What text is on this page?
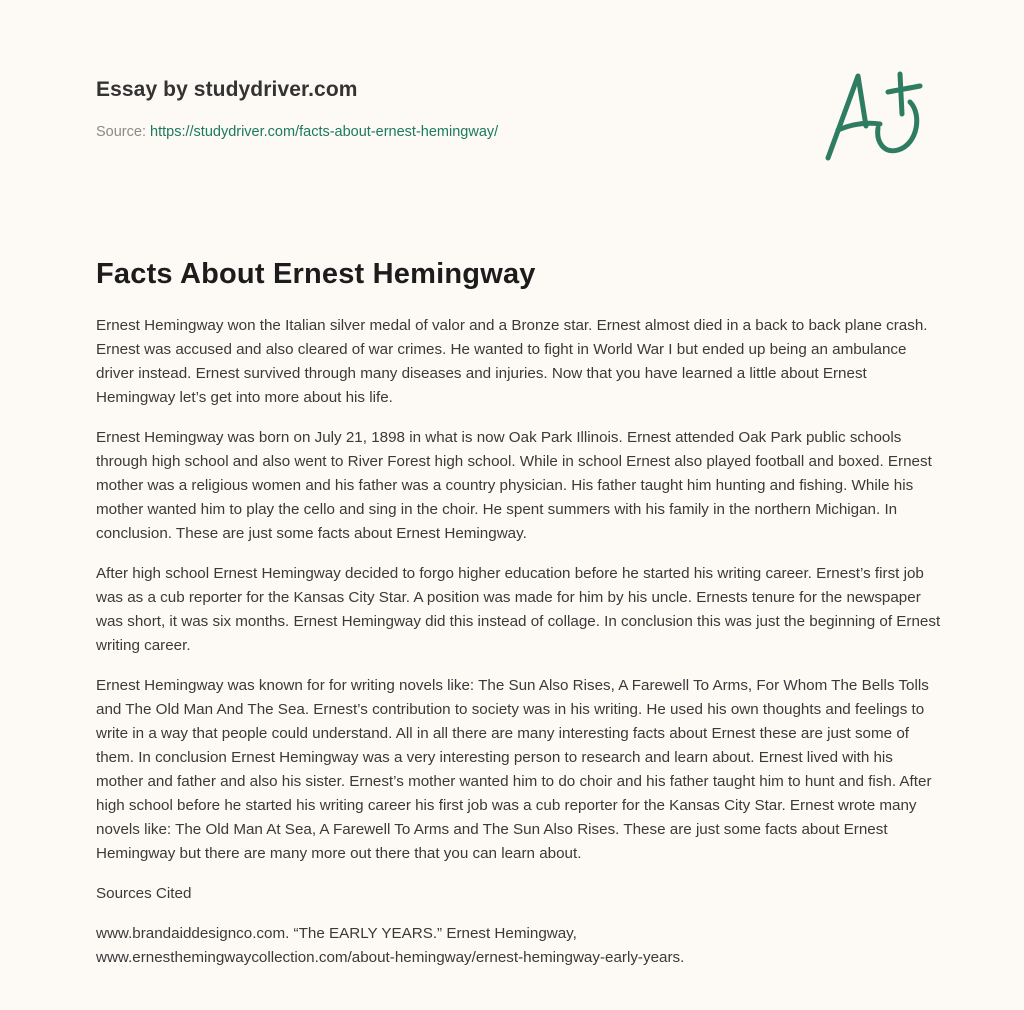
Essay by studydriver.com
Source: https://studydriver.com/facts-about-ernest-hemingway/
Facts About Ernest Hemingway

Ernest Hemingway won the Italian silver medal of valor and a Bronze star. Ernest almost died in a back to back plane crash. Ernest was accused and also cleared of war crimes. He wanted to fight in World War I but ended up being an ambulance driver instead. Ernest survived through many diseases and injuries. Now that you have learned a little about Ernest Hemingway let’s get into more about his life.

Ernest Hemingway was born on July 21, 1898 in what is now Oak Park Illinois. Ernest attended Oak Park public schools through high school and also went to River Forest high school. While in school Ernest also played football and boxed. Ernest mother was a religious women and his father was a country physician. His father taught him hunting and fishing. While his mother wanted him to play the cello and sing in the choir. He spent summers with his family in the northern Michigan. In conclusion. These are just some facts about Ernest Hemingway.

After high school Ernest Hemingway decided to forgo higher education before he started his writing career. Ernest’s first job was as a cub reporter for the Kansas City Star. A position was made for him by his uncle. Ernests tenure for the newspaper was short, it was six months. Ernest Hemingway did this instead of collage. In conclusion this was just the beginning of Ernest writing career.

Ernest Hemingway was known for for writing novels like: The Sun Also Rises, A Farewell To Arms, For Whom The Bells Tolls and The Old Man And The Sea. Ernest’s contribution to society was in his writing. He used his own thoughts and feelings to write in a way that people could understand. All in all there are many interesting facts about Ernest these are just some of them. In conclusion Ernest Hemingway was a very interesting person to research and learn about. Ernest lived with his mother and father and also his sister. Ernest’s mother wanted him to do choir and his father taught him to hunt and fish. After high school before he started his writing career his first job was a cub reporter for the Kansas City Star. Ernest wrote many novels like: The Old Man At Sea, A Farewell To Arms and The Sun Also Rises. These are just some facts about Ernest Hemingway but there are many more out there that you can learn about.

Sources Cited

www.brandaiddesignco.com. “The EARLY YEARS.” Ernest Hemingway,
www.ernesthemingwaycollection.com/about-hemingway/ernest-hemingway-early-years.
